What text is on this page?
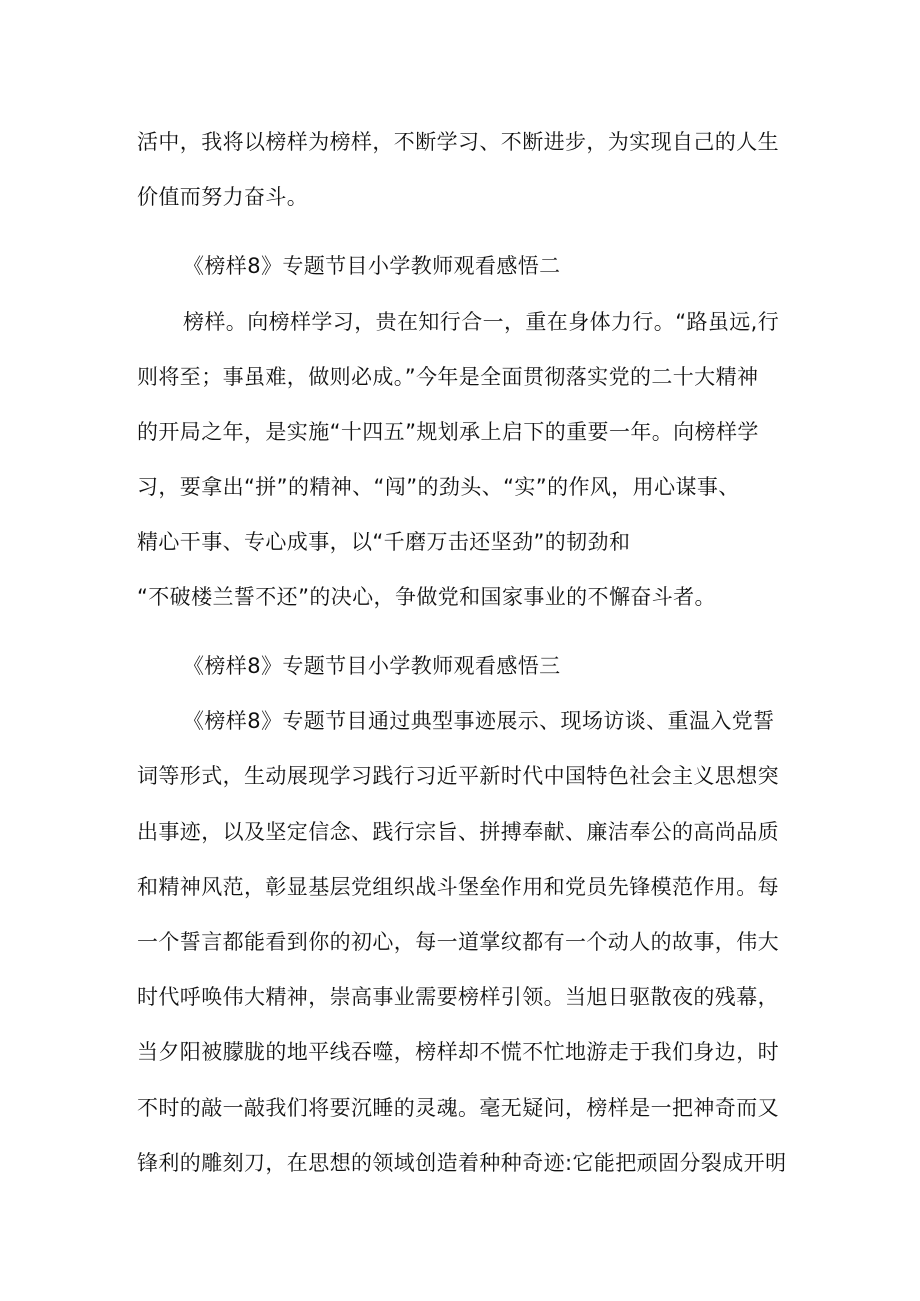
活中，我将以榜样为榜样，不断学习、不断进步，为实现自己的人生
价值而努力奋斗。
《榜样8》专题节目小学教师观看感悟二
榜样。向榜样学习，贵在知行合一，重在身体力行。“路虽远,行
则将至；事虽难，做则必成。”今年是全面贯彻落实党的二十大精神
的开局之年，是实施“十四五”规划承上启下的重要一年。向榜样学
习，要拿出“拼”的精神、“闯”的劲头、“实”的作风，用心谋事、
精心干事、专心成事，以“千磨万击还坚劲”的韧劲和
“不破楼兰誓不还”的决心，争做党和国家事业的不懈奋斗者。
《榜样8》专题节目小学教师观看感悟三
《榜样8》专题节目通过典型事迹展示、现场访谈、重温入党誓
词等形式，生动展现学习践行习近平新时代中国特色社会主义思想突
出事迹，以及坚定信念、践行宗旨、拼搏奉献、廉洁奉公的高尚品质
和精神风范，彰显基层党组织战斗堡垒作用和党员先锋模范作用。每
一个誓言都能看到你的初心，每一道掌纹都有一个动人的故事，伟大
时代呼唤伟大精神，崇高事业需要榜样引领。当旭日驱散夜的残幕，
当夕阳被朦胧的地平线吞噬，榜样却不慌不忙地游走于我们身边，时
不时的敲一敲我们将要沉睡的灵魂。毫无疑问，榜样是一把神奇而又
锋利的雕刻刀，在思想的领域创造着种种奇迹:它能把顽固分裂成开明
